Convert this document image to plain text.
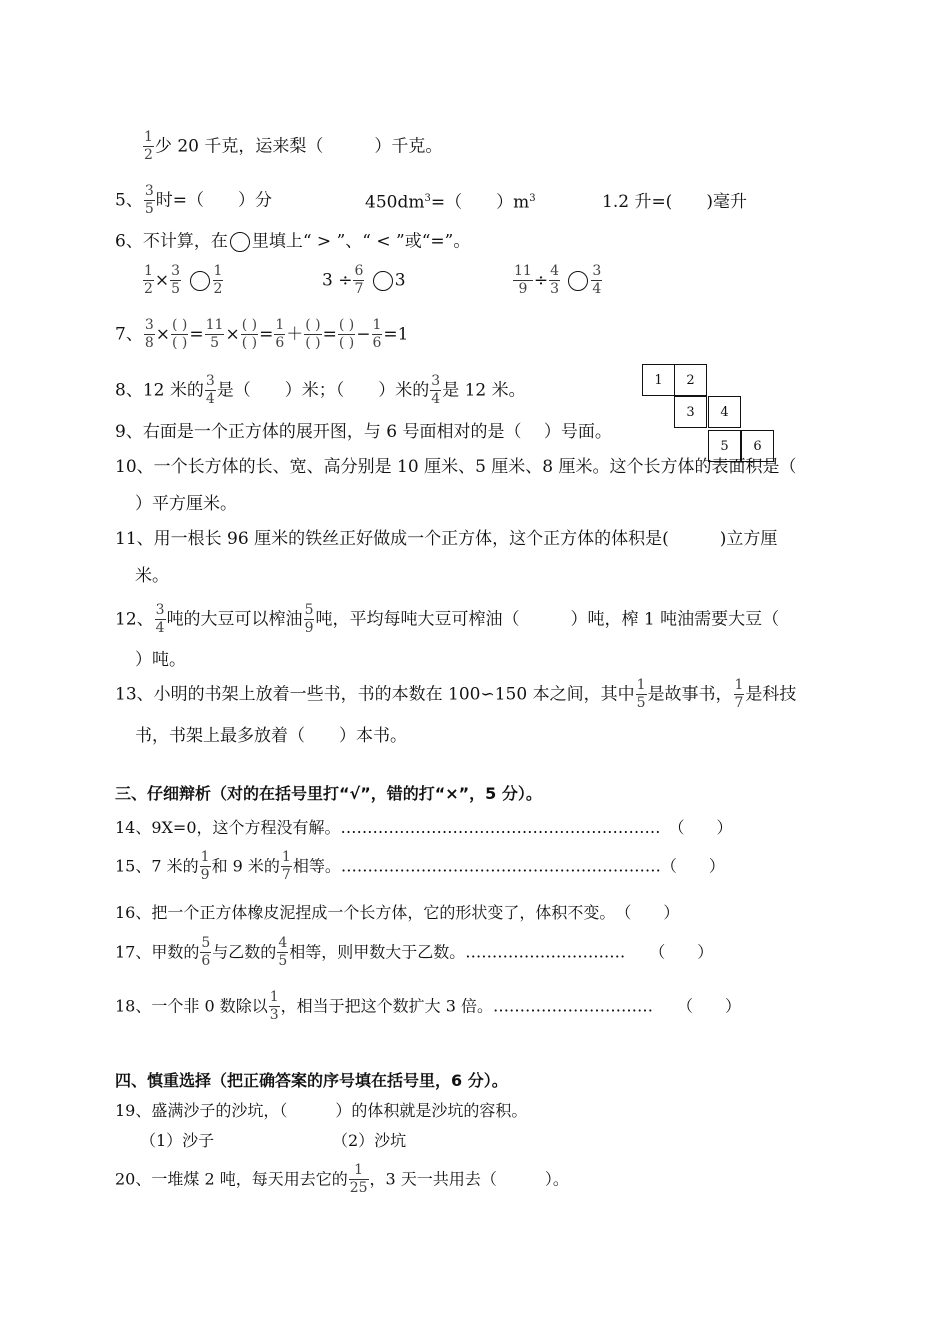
$\frac{1}{2}$ 少 20 千克，运来梨（　　　）千克。
5、 $\frac{3}{5}$ 时=（　　）分	$450dm^3=$（　　）$m^3$	1.2 升=(　　)毫升
6、不计算，在 里填上“ > ”、“ < ”或“=”。
$\frac{1}{2} \times \frac{3}{5}$
$\frac{1}{2}$	$3 \div \frac{6}{7} 3$	$\frac{11}{9} \div \frac{4}{3}$
$\frac{3}{4}$
7、 $\frac{3}{8} \times \frac{( )}{( )} = \frac{11}{5} \times \frac{( )}{( )} = \frac{1}{6} + \frac{( )}{( )} = \frac{( )}{( )} - \frac{1}{6} =1$
8、12 米的 $\frac{3}{4}$ 是（　　）米；（　　）米的 $\frac{3}{4}$ 是 12 米。	1	2
3	4
5	6
9、右面是一个正方体的展开图，与 6 号面相对的是（　 ）号面。
10、一个长方体的长、宽、高分别是 10 厘米、5 厘米、8 厘米。这个长方体的表面积是（
）平方厘米。
11、用一根长 96 厘米的铁丝正好做成一个正方体，这个正方体的体积是(　　　)立方厘
米。
12、 $\frac{3}{4}$ 吨的大豆可以榨油 $\frac{5}{9}$ 吨，平均每吨大豆可榨油（　　　）吨，榨 1 吨油需要大豆（
）吨。
13、小明的书架上放着一些书，书的本数在 100∽150 本之间，其中 $\frac{1}{5}$ 是故事书， $\frac{1}{7}$ 是科技
书，书架上最多放着（　　）本书。
三、仔细辩析（对的在括号里打“√”，错的打“×”，5 分）。
14、9X=0，这个方程没有解。……………………………………………………　（　　）
15、7 米的 $\frac{1}{9}$ 和 9 米的 $\frac{1}{7}$ 相等。……………………………………………………（　　）
16、把一个正方体橡皮泥捏成一个长方体，它的形状变了，体积不变。　（　　）
17、甲数的 $\frac{5}{6}$ 与乙数的 $\frac{4}{5}$ 相等，则甲数大于乙数。…………………………　　（　　）
18、一个非 0 数除以 $\frac{1}{3}$ ，相当于把这个数扩大 3 倍。…………………………　　（　　）
四、慎重选择（把正确答案的序号填在括号里，6 分）。
19、盛满沙子的沙坑，（　　　）的体积就是沙坑的容积。
（1）沙子	（2）沙坑
20、一堆煤 2 吨，每天用去它的 $\frac{1}{25}$ ，3 天一共用去（　　　）。
